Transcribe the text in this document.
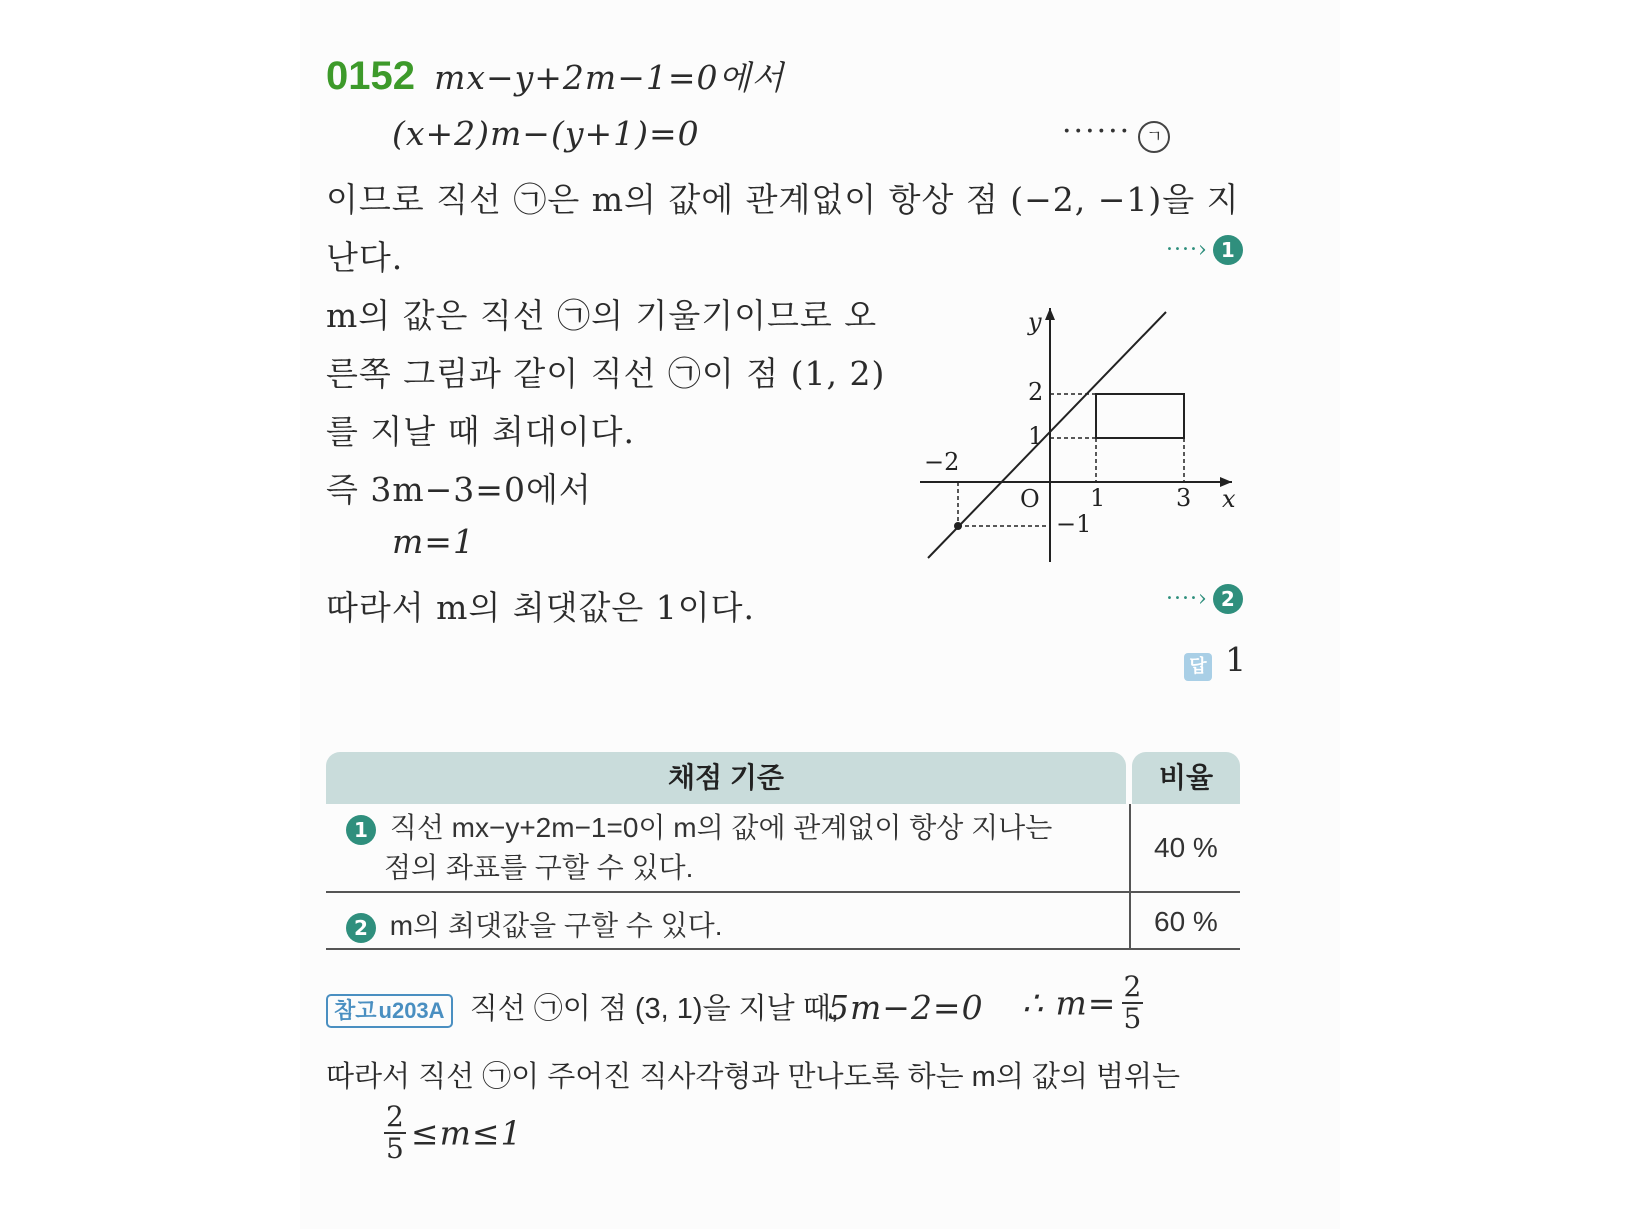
0152 mx−y+2m−1=0에서
(x+2)m−(y+1)=0	······ ㄱ
이므로 직선 ㉠은 m의 값에 관계없이 항상 점 (−2, −1)을 지
난다.	····› 1
m의 값은 직선 ㉠의 기울기이므로 오
른쪽 그림과 같이 직선 ㉠이 점 (1, 2)
를 지날 때 최대이다.
즉 3m−3=0에서
m=1
따라서 m의 최댓값은 1이다.	····› 2
답 1
y
x
O
2
1
−1
−2
1	3
채점 기준	비율
1 직선 mx−y+2m−1=0이 m의 값에 관계없이 항상 지나는
점의 좌표를 구할 수 있다.
40 %
2 m의 최댓값을 구할 수 있다.	60 %
참고 u203A	직선 ㉠이 점 (3, 1)을 지날 때,
5m−2=0 ∴ $m= \frac{2}{5}$
따라서 직선 ㉠이 주어진 직사각형과 만나도록 하는 m의 값의 범위는
$\frac{2}{5} \le m\le 1$
